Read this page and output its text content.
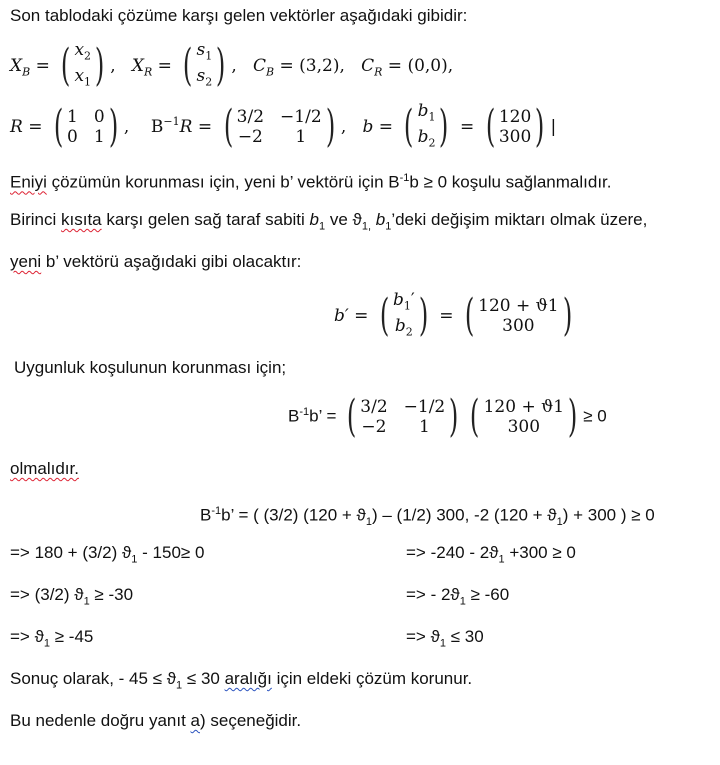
Son tablodaki çözüme karşı gelen vektörler aşağıdaki gibidir:
$X_B$ = ( $x_2$
$x_1$ ) ,   $X_R$ = ( $s_1$
$s_2$ ) ,   $C_B = (3,2)$, $C_R = (0,0)$,
R = ( 1
0
0
1 ) ,    $B^{-1}R$ = ( 3/2
−2
−1/2
1 ) ,   b = ( $b_1$
$b_2$ ) = ( 120
300 ) |
Eniyi çözümün korunması için, yeni b’ vektörü için $B^{-1}b \ge 0$ koşulu sağlanmalıdır.
Birinci kısıta karşı gelen sağ taraf sabiti $b_1$ ve $ϑ_{1,}$ $b_1’deki$ değişim miktarı olmak üzere,
yeni b’ vektörü aşağıdaki gibi olacaktır:
b′ = ( $b_1'$
$b_2$ ) = ( 120 + ϑ1
300 )
Uygunluk koşulunun korunması için;
$B^{-1}b$’ = ( 3/2
−2
−1/2
1 ) ( 120 + ϑ1
300 ) ≥ 0
olmalıdır.
$B^{-1}b$’ = ( (3/2) $(120 + ϑ_1) - (1/2)$ 300, -2 $(120 + ϑ_1) + 300$ ) ≥ 0
=> 180 + (3/2) $ϑ_1 - 150\ge 0$
=> (3/2) $ϑ_1 \ge -30$
=> $ϑ_1 \ge -45$
=> $-240 - 2ϑ_1 +300 \ge 0$
=> - $2ϑ_1 \ge -60$
=> $ϑ_1 \le 30$
Sonuç olarak, - $45 \le ϑ_1 \le 30$ aralığı için eldeki çözüm korunur.
Bu nedenle doğru yanıt a) seçeneğidir.
